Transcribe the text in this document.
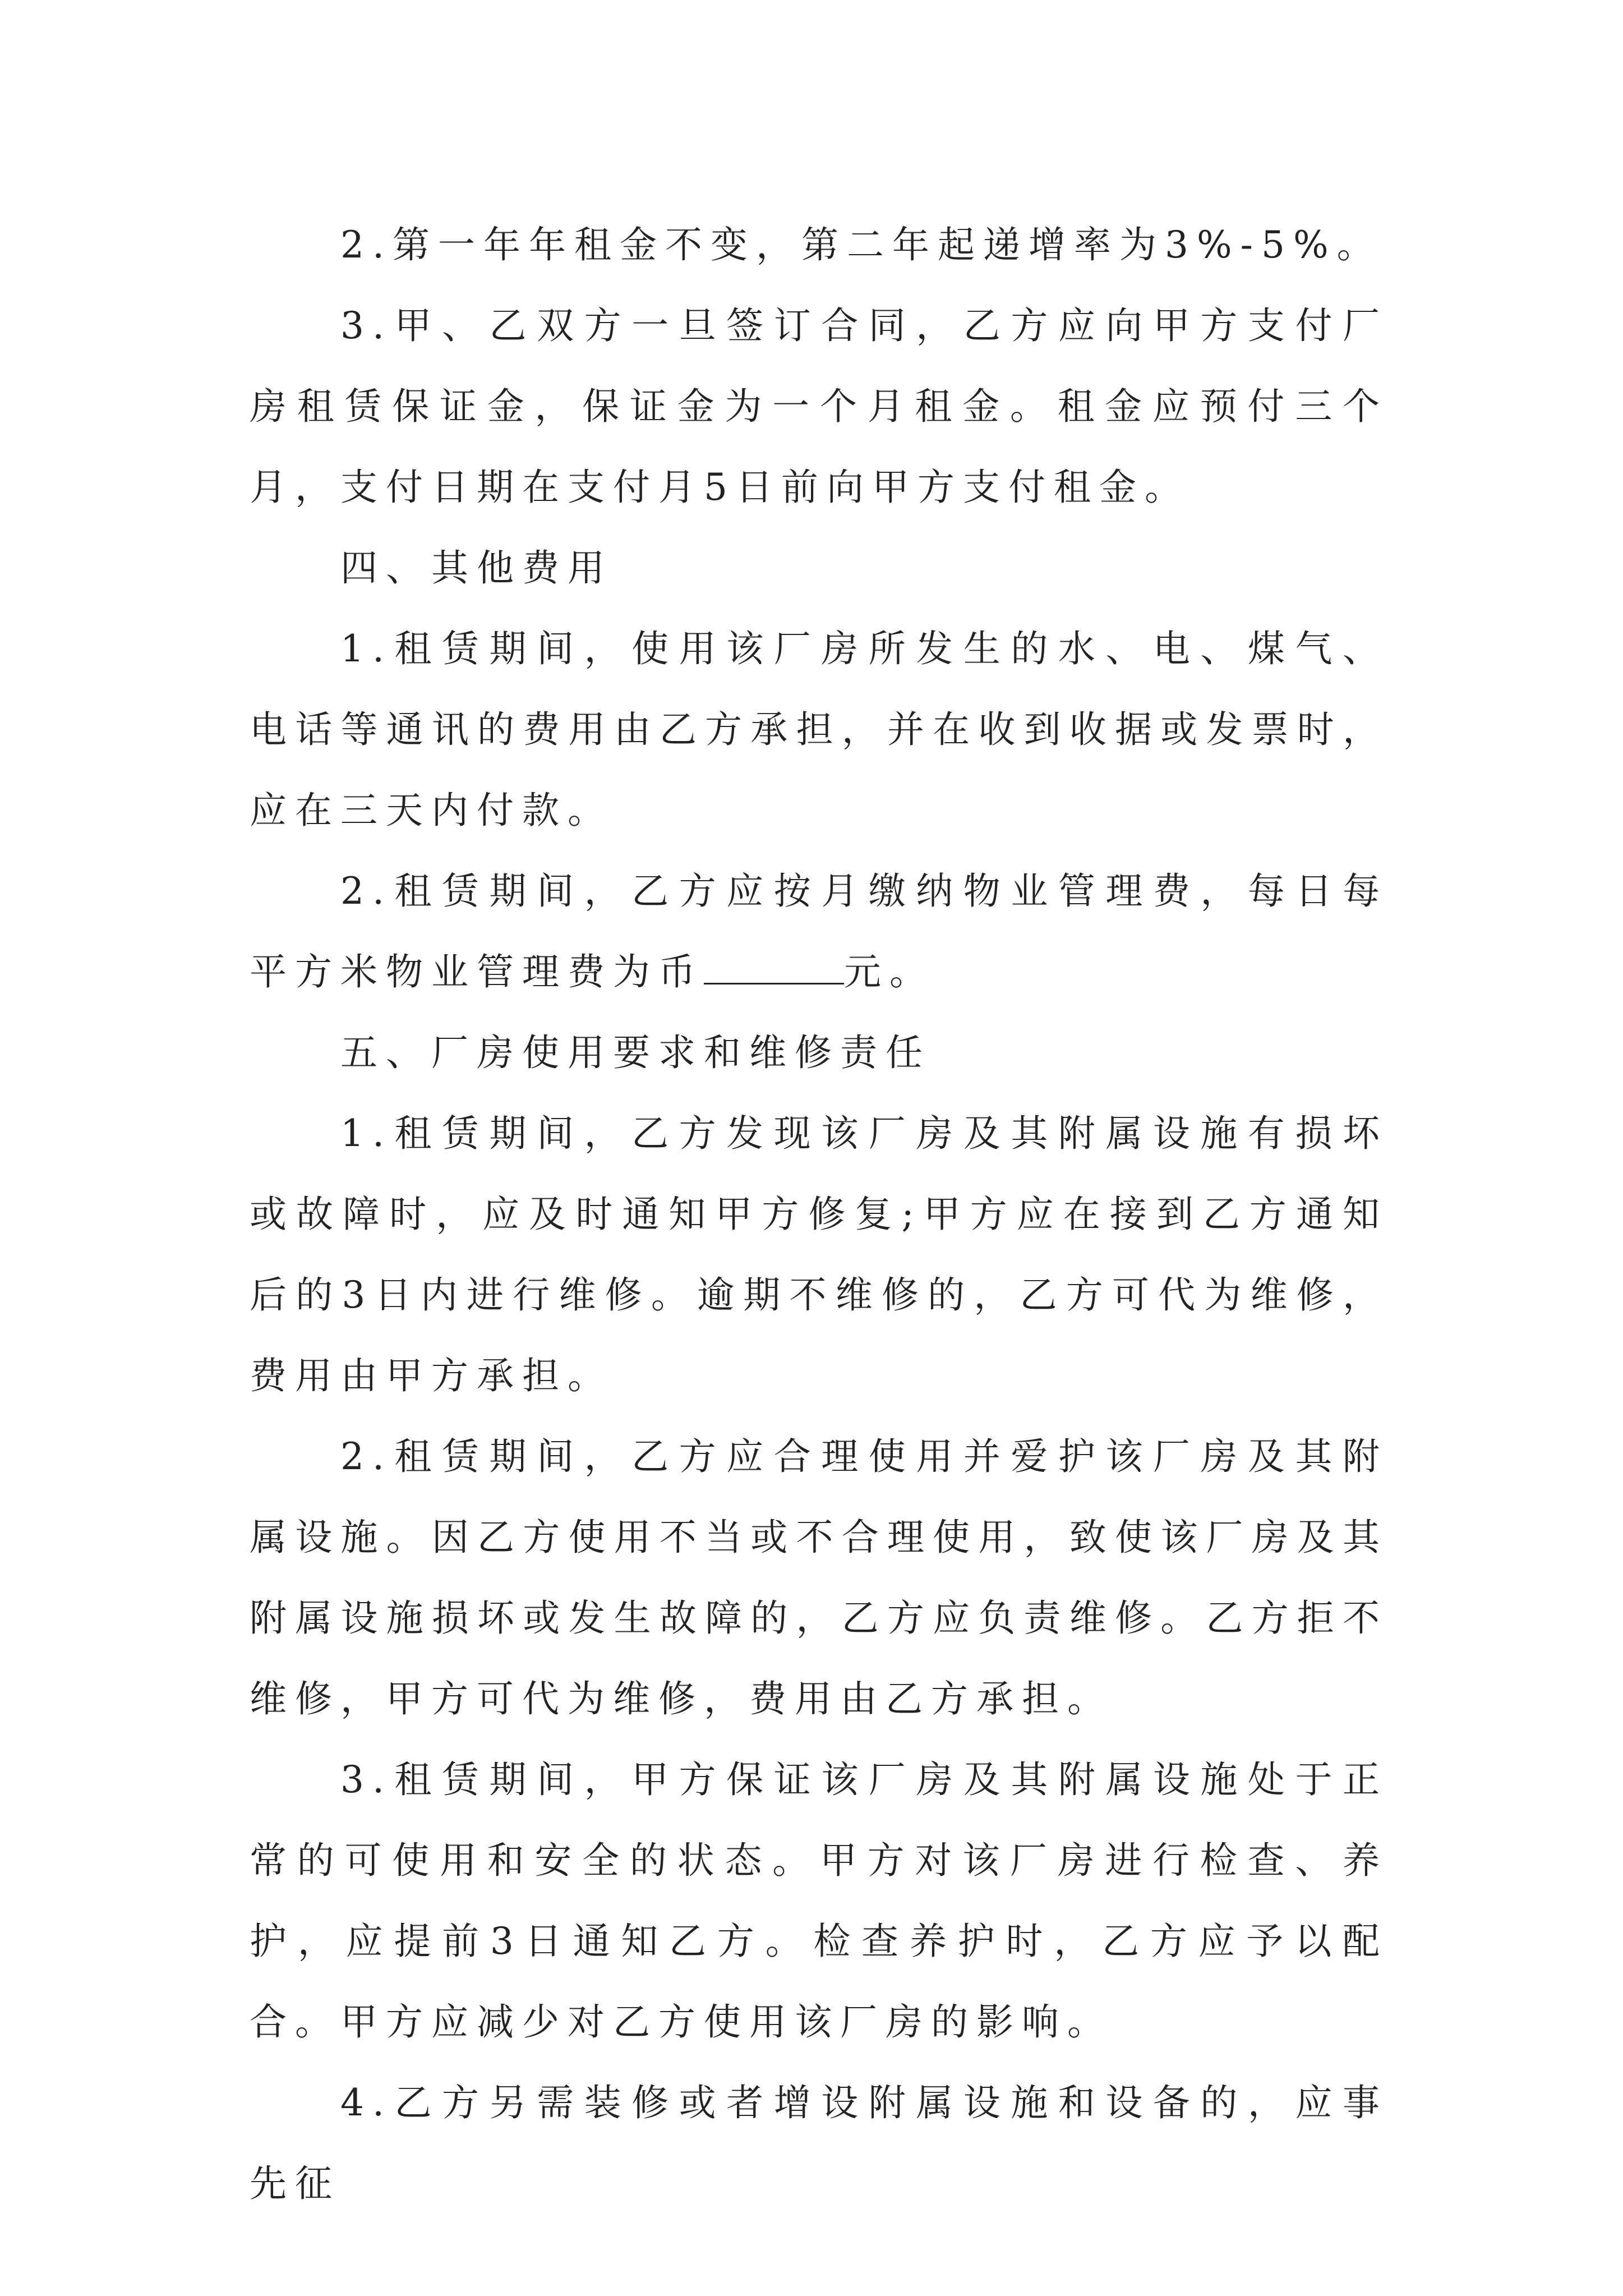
2.第一年年租金不变，第二年起递增率为3%-5%。

3.甲、乙双方一旦签订合同，乙方应向甲方支付厂房租赁保证金，保证金为一个月租金。租金应预付三个月，支付日期在支付月5日前向甲方支付租金。

四、其他费用

1.租赁期间，使用该厂房所发生的水、电、煤气、电话等通讯的费用由乙方承担，并在收到收据或发票时，应在三天内付款。

2.租赁期间，乙方应按月缴纳物业管理费，每日每平方米物业管理费为币	元。

五、厂房使用要求和维修责任

1.租赁期间，乙方发现该厂房及其附属设施有损坏或故障时，应及时通知甲方修复;甲方应在接到乙方通知后的3日内进行维修。逾期不维修的，乙方可代为维修，费用由甲方承担。

2.租赁期间，乙方应合理使用并爱护该厂房及其附属设施。因乙方使用不当或不合理使用，致使该厂房及其附属设施损坏或发生故障的，乙方应负责维修。乙方拒不维修，甲方可代为维修，费用由乙方承担。

3.租赁期间，甲方保证该厂房及其附属设施处于正常的可使用和安全的状态。甲方对该厂房进行检查、养护，应提前3日通知乙方。检查养护时，乙方应予以配合。甲方应减少对乙方使用该厂房的影响。

4.乙方另需装修或者增设附属设施和设备的，应事先征
